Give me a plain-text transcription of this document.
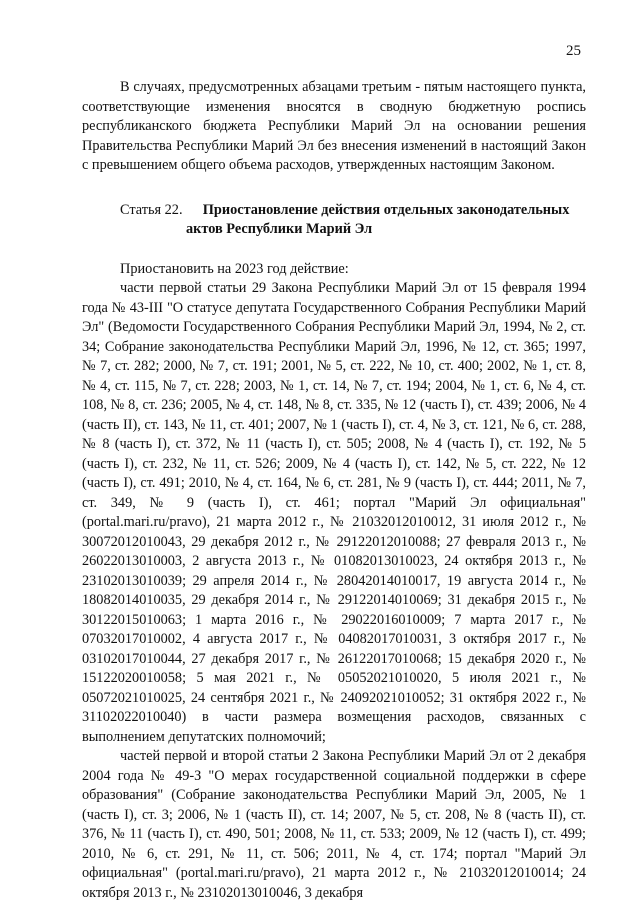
25

В случаях, предусмотренных абзацами третьим - пятым настоящего пункта, соответствующие изменения вносятся в сводную бюджетную роспись республиканского бюджета Республики Марий Эл на основании решения Правительства Республики Марий Эл без внесения изменений в настоящий Закон с превышением общего объема расходов, утвержденных настоящим Законом.

Статья 22.	Приостановление действия отдельных законодательных
актов Республики Марий Эл

Приостановить на 2023 год действие:

части первой статьи 29 Закона Республики Марий Эл от 15 февраля 1994 года № 43-III "О статусе депутата Государственного Собрания Республики Марий Эл" (Ведомости Государственного Собрания Республики Марий Эл, 1994, № 2, ст. 34; Собрание законодательства Республики Марий Эл, 1996, № 12, ст. 365; 1997, № 7, ст. 282; 2000, № 7, ст. 191; 2001, № 5, ст. 222, № 10, ст. 400; 2002, № 1, ст. 8, № 4, ст. 115, № 7, ст. 228; 2003, № 1, ст. 14, № 7, ст. 194; 2004, № 1, ст. 6, № 4, ст. 108, № 8, ст. 236; 2005, № 4, ст. 148, № 8, ст. 335, № 12 (часть I), ст. 439; 2006, № 4 (часть II), ст. 143, № 11, ст. 401; 2007, № 1 (часть I), ст. 4, № 3, ст. 121, № 6, ст. 288, № 8 (часть I), ст. 372, № 11 (часть I), ст. 505; 2008, № 4 (часть I), ст. 192, № 5 (часть I), ст. 232, № 11, ст. 526; 2009, № 4 (часть I), ст. 142, № 5, ст. 222, № 12 (часть I), ст. 491; 2010, № 4, ст. 164, № 6, ст. 281, № 9 (часть I), ст. 444; 2011, № 7, ст. 349, № 9 (часть I), ст. 461; портал "Марий Эл официальная" (portal.mari.ru/pravo), 21 марта 2012 г., № 21032012010012, 31 июля 2012 г., № 30072012010043, 29 декабря 2012 г., № 29122012010088; 27 февраля 2013 г., № 26022013010003, 2 августа 2013 г., № 01082013010023, 24 октября 2013 г., № 23102013010039; 29 апреля 2014 г., № 28042014010017, 19 августа 2014 г., № 18082014010035, 29 декабря 2014 г., № 29122014010069; 31 декабря 2015 г., № 30122015010063; 1 марта 2016 г., № 29022016010009; 7 марта 2017 г., № 07032017010002, 4 августа 2017 г., № 04082017010031, 3 октября 2017 г., № 03102017010044, 27 декабря 2017 г., № 26122017010068; 15 декабря 2020 г., № 15122020010058; 5 мая 2021 г., № 05052021010020, 5 июля 2021 г., № 05072021010025, 24 сентября 2021 г., № 24092021010052; 31 октября 2022 г., № 31102022010040) в части размера возмещения расходов, связанных с выполнением депутатских полномочий;

частей первой и второй статьи 2 Закона Республики Марий Эл от 2 декабря 2004 года № 49-З "О мерах государственной социальной поддержки в сфере образования" (Собрание законодательства Республики Марий Эл, 2005, № 1 (часть I), ст. 3; 2006, № 1 (часть II), ст. 14; 2007, № 5, ст. 208, № 8 (часть II), ст. 376, № 11 (часть I), ст. 490, 501; 2008, № 11, ст. 533; 2009, № 12 (часть I), ст. 499; 2010, № 6, ст. 291, № 11, ст. 506; 2011, № 4, ст. 174; портал "Марий Эл официальная" (portal.mari.ru/pravo), 21 марта 2012 г., № 21032012010014; 24 октября 2013 г., № 23102013010046, 3 декабря
